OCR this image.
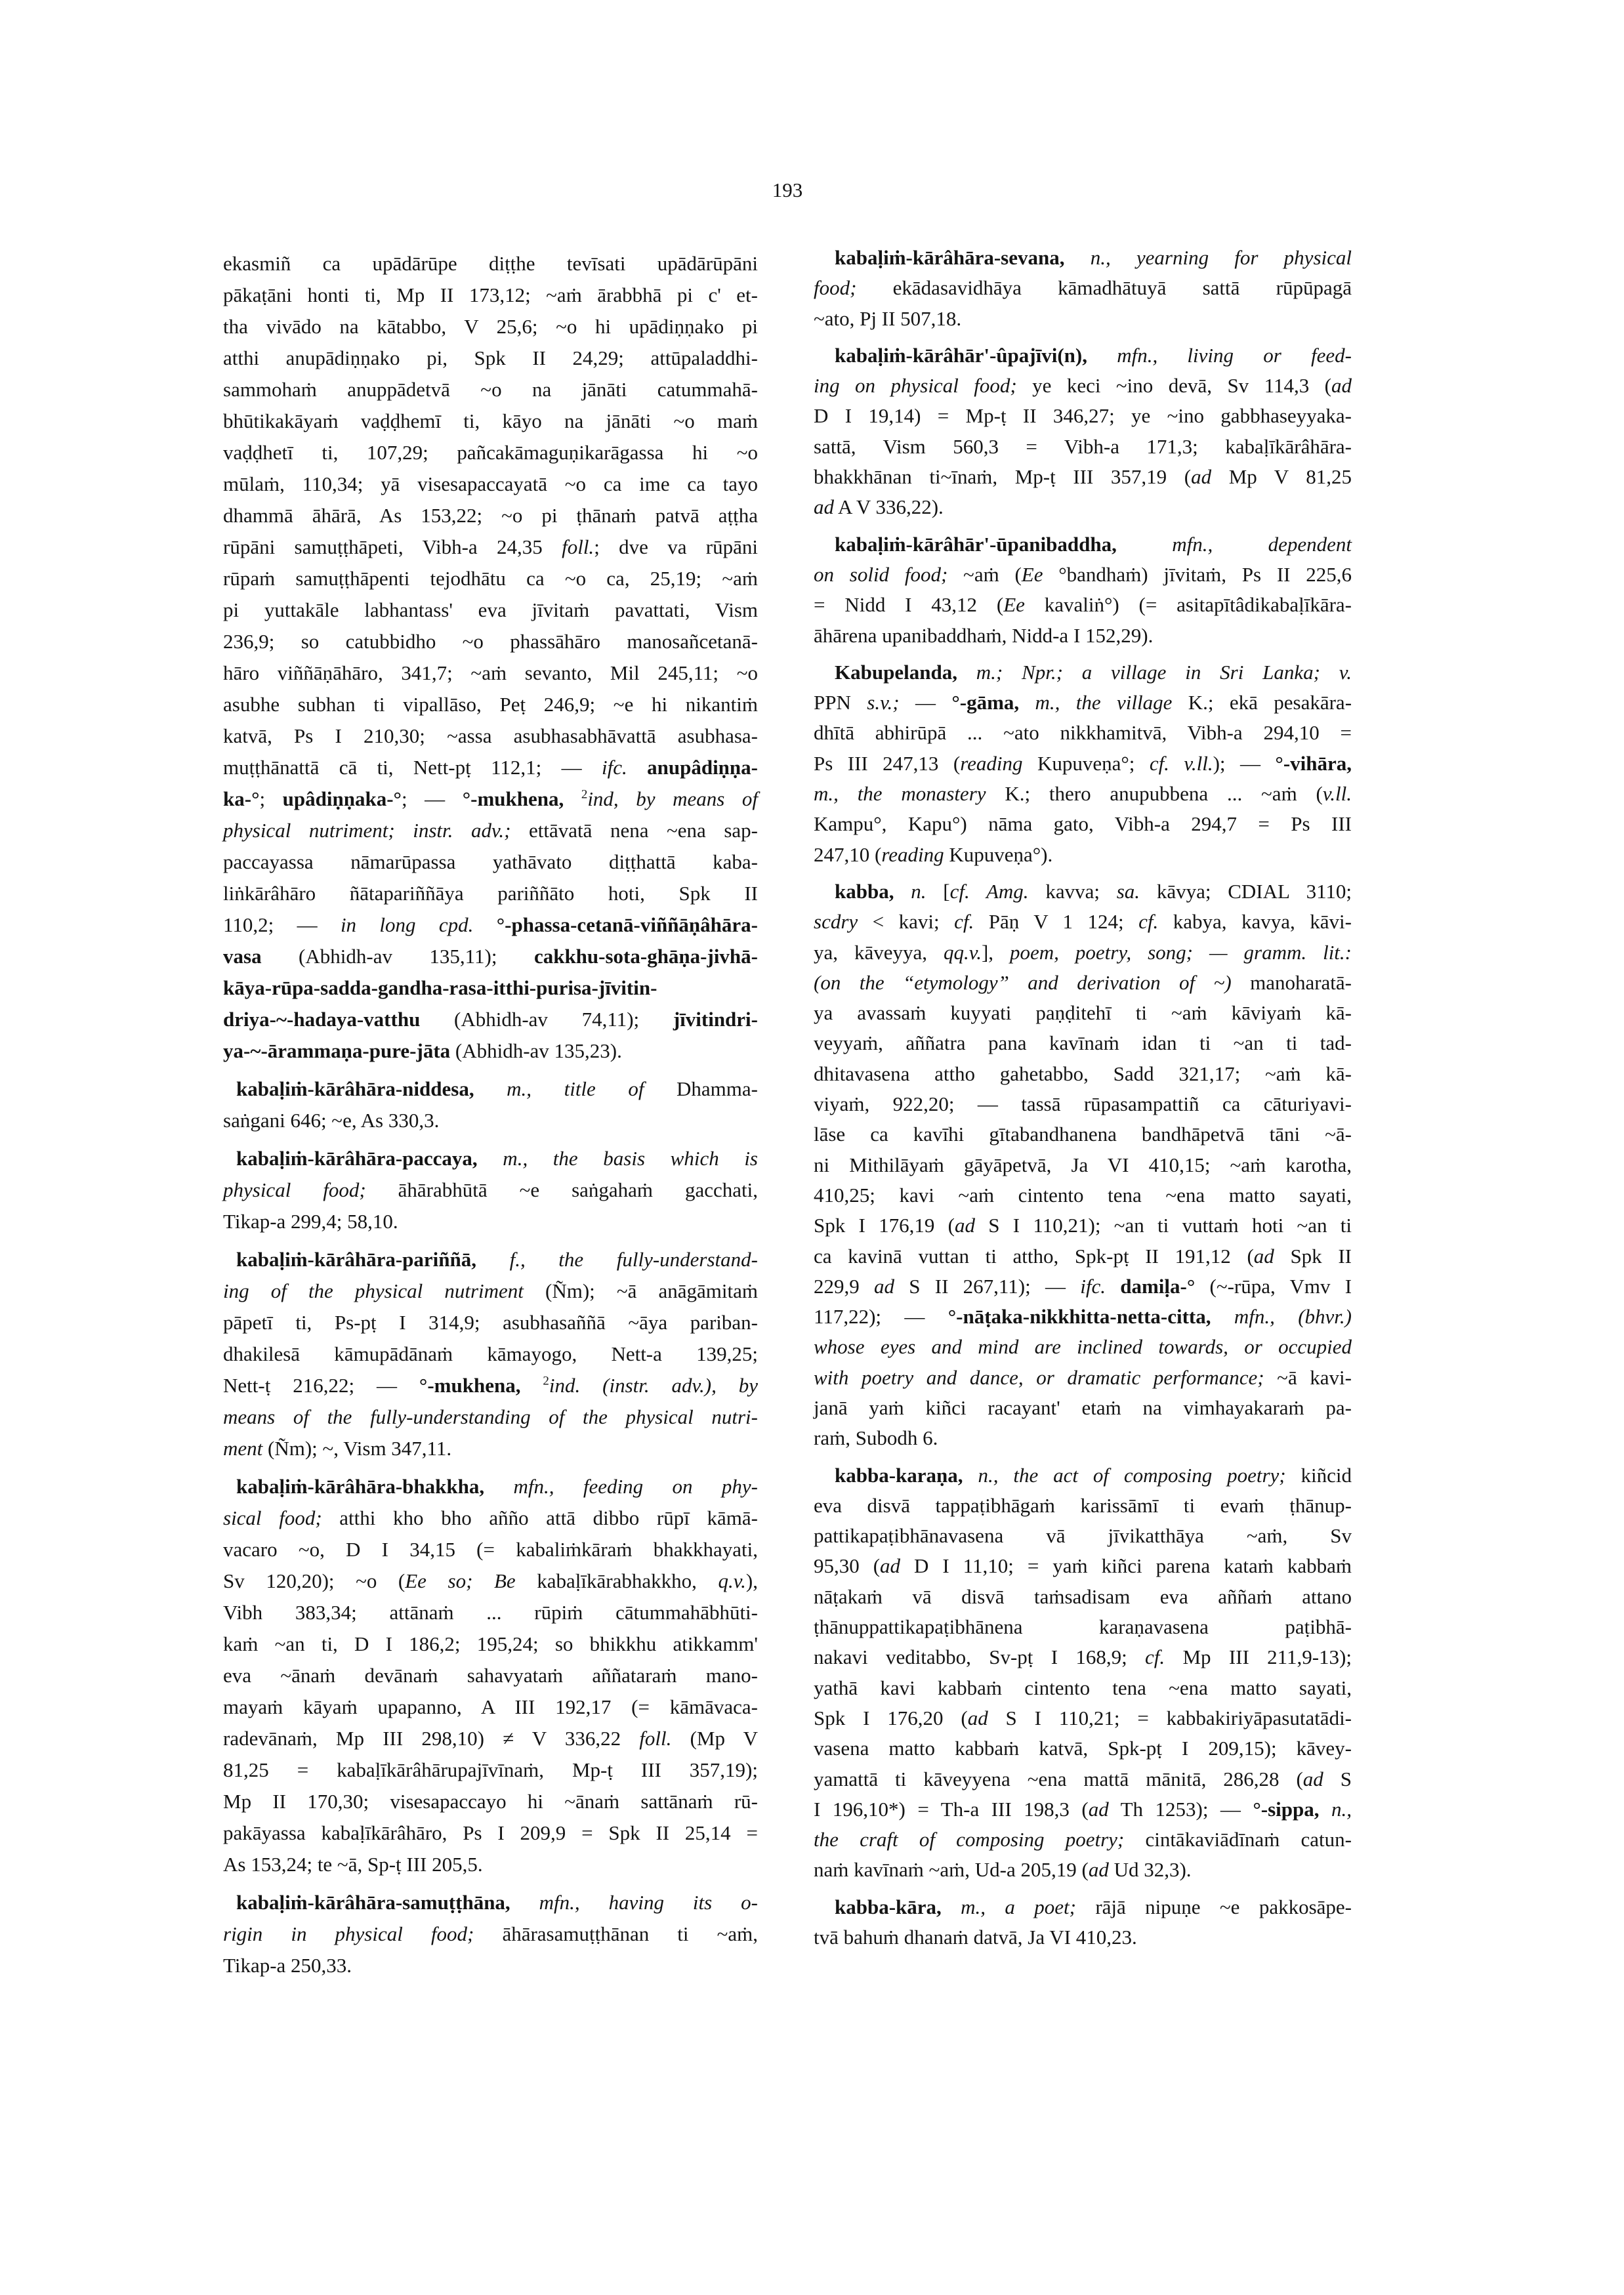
193
ekasmiñ ca upādārūpe diṭṭhe tevīsati upādārūpāni
pākaṭāni honti ti, Mp II 173,12; ~aṁ ārabbhā pi c' et-
tha vivādo na kātabbo, V 25,6; ~o hi upādiṇṇako pi
atthi anupādiṇṇako pi, Spk II 24,29; attūpaladdhi-
sammohaṁ anuppādetvā ~o na jānāti catummahā-
bhūtikakāyaṁ vaḍḍhemī ti, kāyo na jānāti ~o maṁ
vaḍḍhetī ti, 107,29; pañcakāmaguṇikarāgassa hi ~o
mūlaṁ, 110,34; yā visesapaccayatā ~o ca ime ca tayo
dhammā āhārā, As 153,22; ~o pi ṭhānaṁ patvā aṭṭha
rūpāni samuṭṭhāpeti, Vibh-a 24,35 foll.; dve va rūpāni
rūpaṁ samuṭṭhāpenti tejodhātu ca ~o ca, 25,19; ~aṁ
pi yuttakāle labhantass' eva jīvitaṁ pavattati, Vism
236,9; so catubbidho ~o phassāhāro manosañcetanā-
hāro viññāṇāhāro, 341,7; ~aṁ sevanto, Mil 245,11; ~o
asubhe subhan ti vipallāso, Peṭ 246,9; ~e hi nikantiṁ
katvā, Ps I 210,30; ~assa asubhasabhāvattā asubhasa-
muṭṭhānattā cā ti, Nett-pṭ 112,1; — ifc. anupâdiṇṇa-
ka-°; upâdiṇṇaka-°; — °-mukhena, $^2$ind, by means of
physical nutriment; instr. adv.; ettāvatā nena ~ena sap-
paccayassa nāmarūpassa yathāvato diṭṭhattā kaba-
liṅkārâhāro ñātapariññāya pariññāto hoti, Spk II
110,2; — in long cpd. °-phassa-cetanā-viññāṇâhāra-
vasa (Abhidh-av 135,11); cakkhu-sota-ghāṇa-jivhā-
kāya-rūpa-sadda-gandha-rasa-itthi-purisa-jīvitin-
driya-~-hadaya-vatthu (Abhidh-av 74,11); jīvitindri-
ya-~-ārammaṇa-pure-jāta (Abhidh-av 135,23).
kabaḷiṁ-kārâhāra-niddesa, m., title of Dhamma-
saṅgani 646; ~e, As 330,3.
kabaḷiṁ-kārâhāra-paccaya, m., the basis which is
physical food; āhārabhūtā ~e saṅgahaṁ gacchati,
Tikap-a 299,4; 58,10.
kabaḷiṁ-kārâhāra-pariññā, f., the fully-understand-
ing of the physical nutriment (Ñm); ~ā anāgāmitaṁ
pāpetī ti, Ps-pṭ I 314,9; asubhasaññā ~āya pariban-
dhakilesā kāmupādānaṁ kāmayogo, Nett-a 139,25;
Nett-ṭ 216,22; — °-mukhena, $^2$ind. (instr. adv.), by
means of the fully-understanding of the physical nutri-
ment (Ñm); ~, Vism 347,11.
kabaḷiṁ-kārâhāra-bhakkha, mfn., feeding on phy-
sical food; atthi kho bho añño attā dibbo rūpī kāmā-
vacaro ~o, D I 34,15 (= kabaliṁkāraṁ bhakkhayati,
Sv 120,20); ~o (Ee so; Be kabaḷīkārabhakkho, q.v.),
Vibh 383,34; attānaṁ ... rūpiṁ cātummahābhūti-
kaṁ ~an ti, D I 186,2; 195,24; so bhikkhu atikkamm'
eva ~ānaṁ devānaṁ sahavyataṁ aññataraṁ mano-
mayaṁ kāyaṁ upapanno, A III 192,17 (= kāmāvaca-
radevānaṁ, Mp III 298,10) ≠ V 336,22 foll. (Mp V
81,25 = kabaḷīkārâhārupajīvīnaṁ, Mp-ṭ III 357,19);
Mp II 170,30; visesapaccayo hi ~ānaṁ sattānaṁ rū-
pakāyassa kabaḷīkārâhāro, Ps I 209,9 = Spk II 25,14 =
As 153,24; te ~ā, Sp-ṭ III 205,5.
kabaḷiṁ-kārâhāra-samuṭṭhāna, mfn., having its o-
rigin in physical food; āhārasamuṭṭhānan ti ~aṁ,
Tikap-a 250,33.
kabaḷiṁ-kārâhāra-sevana, n., yearning for physical
food; ekādasavidhāya kāmadhātuyā sattā rūpūpagā
~ato, Pj II 507,18.
kabaḷiṁ-kārâhār'-ûpajīvi(n), mfn., living or feed-
ing on physical food; ye keci ~ino devā, Sv 114,3 (ad
D I 19,14) = Mp-ṭ II 346,27; ye ~ino gabbhaseyyaka-
sattā, Vism 560,3 = Vibh-a 171,3; kabaḷīkārâhāra-
bhakkhānan ti~īnaṁ, Mp-ṭ III 357,19 (ad Mp V 81,25
ad A V 336,22).
kabaḷiṁ-kārâhār'-ūpanibaddha, mfn., dependent
on solid food; ~aṁ (Ee °bandhaṁ) jīvitaṁ, Ps II 225,6
= Nidd I 43,12 (Ee kavaliṅ°) (= asitapītâdikabaḷīkāra-
āhārena upanibaddhaṁ, Nidd-a I 152,29).
Kabupelanda, m.; Npr.; a village in Sri Lanka; v.
PPN s.v.; — °-gāma, m., the village K.; ekā pesakāra-
dhītā abhirūpā ... ~ato nikkhamitvā, Vibh-a 294,10 =
Ps III 247,13 (reading Kupuveṇa°; cf. v.ll.); — °-vihāra,
m., the monastery K.; thero anupubbena ... ~aṁ (v.ll.
Kampu°, Kapu°) nāma gato, Vibh-a 294,7 = Ps III
247,10 (reading Kupuveṇa°).
kabba, n. [cf. Amg. kavva; sa. kāvya; CDIAL 3110;
scdry < kavi; cf. Pāṇ V 1 124; cf. kabya, kavya, kāvi-
ya, kāveyya, qq.v.], poem, poetry, song; — gramm. lit.:
(on the “etymology” and derivation of ~) manoharatā-
ya avassaṁ kuyyati paṇḍitehī ti ~aṁ kāviyaṁ kā-
veyyaṁ, aññatra pana kavīnaṁ idan ti ~an ti tad-
dhitavasena attho gahetabbo, Sadd 321,17; ~aṁ kā-
viyaṁ, 922,20; — tassā rūpasampattiñ ca cāturiyavi-
lāse ca kavīhi gītabandhanena bandhāpetvā tāni ~ā-
ni Mithilāyaṁ gāyāpetvā, Ja VI 410,15; ~aṁ karotha,
410,25; kavi ~aṁ cintento tena ~ena matto sayati,
Spk I 176,19 (ad S I 110,21); ~an ti vuttaṁ hoti ~an ti
ca kavinā vuttan ti attho, Spk-pṭ II 191,12 (ad Spk II
229,9 ad S II 267,11); — ifc. damiḷa-° (~-rūpa, Vmv I
117,22); — °-nāṭaka-nikkhitta-netta-citta, mfn., (bhvr.)
whose eyes and mind are inclined towards, or occupied
with poetry and dance, or dramatic performance; ~ā kavi-
janā yaṁ kiñci racayant' etaṁ na vimhayakaraṁ pa-
raṁ, Subodh 6.
kabba-karaṇa, n., the act of composing poetry; kiñcid
eva disvā tappaṭibhāgaṁ karissāmī ti evaṁ ṭhānup-
pattikapaṭibhānavasena vā jīvikatthāya ~aṁ, Sv
95,30 (ad D I 11,10; = yaṁ kiñci parena kataṁ kabbaṁ
nāṭakaṁ vā disvā taṁsadisam eva aññaṁ attano
ṭhānuppattikapaṭibhānena karaṇavasena paṭibhā-
nakavi veditabbo, Sv-pṭ I 168,9; cf. Mp III 211,9-13);
yathā kavi kabbaṁ cintento tena ~ena matto sayati,
Spk I 176,20 (ad S I 110,21; = kabbakiriyāpasutatādi-
vasena matto kabbaṁ katvā, Spk-pṭ I 209,15); kāvey-
yamattā ti kāveyyena ~ena mattā mānitā, 286,28 (ad S
I 196,10*) = Th-a III 198,3 (ad Th 1253); — °-sippa, n.,
the craft of composing poetry; cintākaviādīnaṁ catun-
naṁ kavīnaṁ ~aṁ, Ud-a 205,19 (ad Ud 32,3).
kabba-kāra, m., a poet; rājā nipuṇe ~e pakkosāpe-
tvā bahuṁ dhanaṁ datvā, Ja VI 410,23.
